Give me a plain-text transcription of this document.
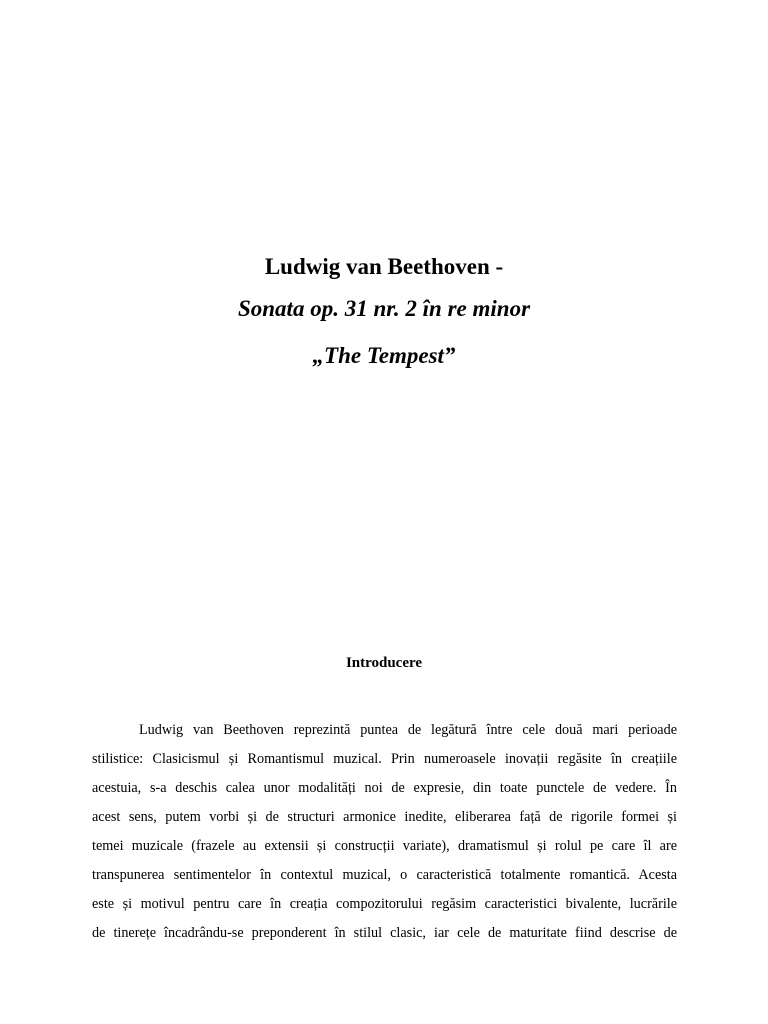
Ludwig van Beethoven -
Sonata op. 31 nr. 2 în re minor
„The Tempest”
Introducere
Ludwig van Beethoven reprezintă puntea de legătură între cele două mari perioade
stilistice: Clasicismul și Romantismul muzical. Prin numeroasele inovații regăsite în creațiile
acestuia, s-a deschis calea unor modalități noi de expresie, din toate punctele de vedere. În
acest sens, putem vorbi și de structuri armonice inedite, eliberarea față de rigorile formei și
temei muzicale (frazele au extensii și construcții variate), dramatismul și rolul pe care îl are
transpunerea sentimentelor în contextul muzical, o caracteristică totalmente romantică. Acesta
este și motivul pentru care în creația compozitorului regăsim caracteristici bivalente, lucrările
de tinerețe încadrându-se preponderent în stilul clasic, iar cele de maturitate fiind descrise de
